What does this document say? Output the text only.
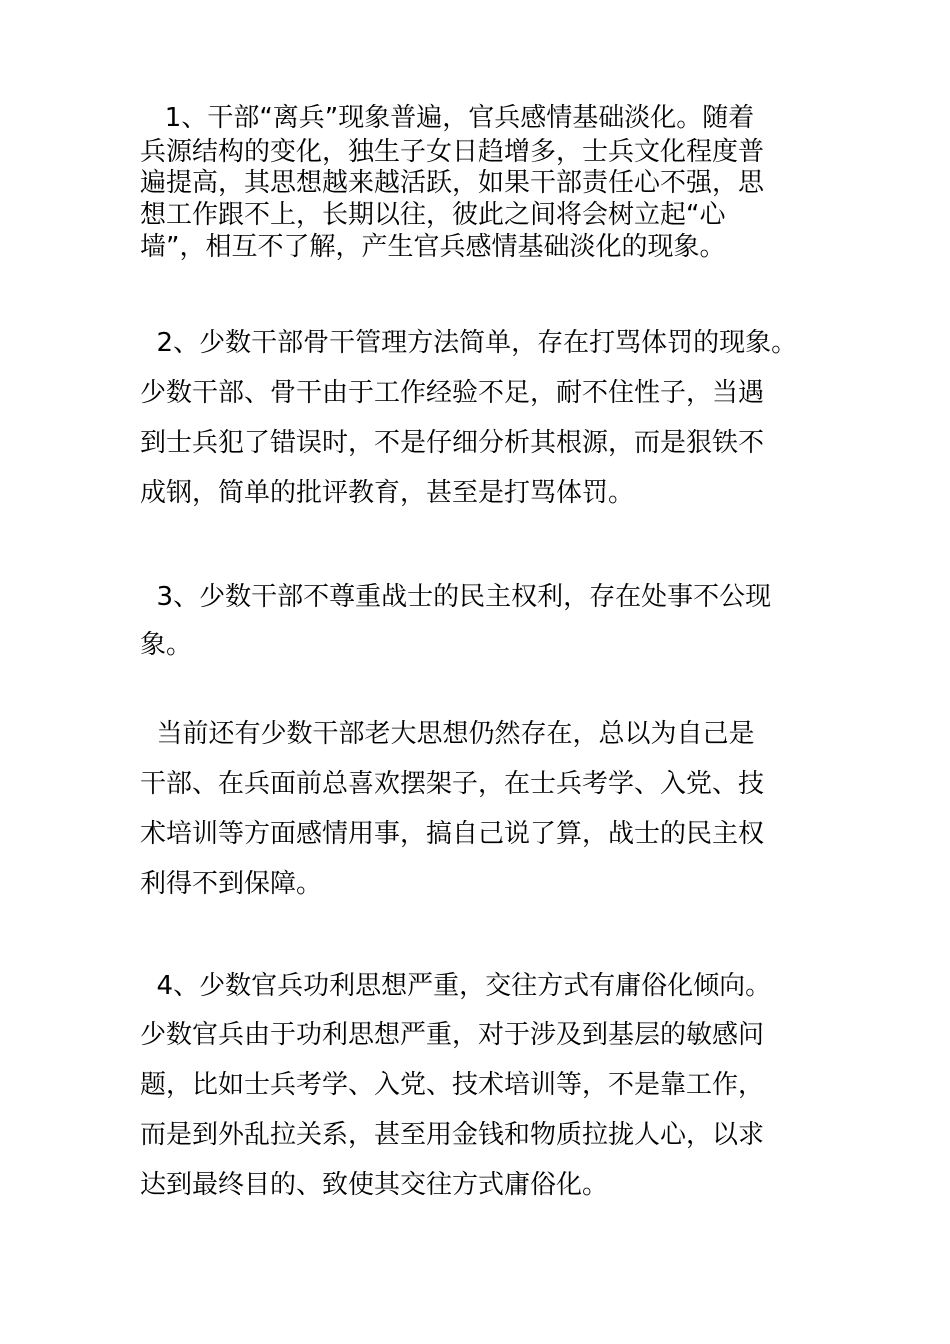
1、干部“离兵”现象普遍，官兵感情基础淡化。随着
兵源结构的变化，独生子女日趋增多，士兵文化程度普
遍提高，其思想越来越活跃，如果干部责任心不强，思
想工作跟不上，长期以往，彼此之间将会树立起“心
墙”，相互不了解，产生官兵感情基础淡化的现象。
2、少数干部骨干管理方法简单，存在打骂体罚的现象。
少数干部、骨干由于工作经验不足，耐不住性子，当遇
到士兵犯了错误时，不是仔细分析其根源，而是狠铁不
成钢，简单的批评教育，甚至是打骂体罚。
3、少数干部不尊重战士的民主权利，存在处事不公现
象。
当前还有少数干部老大思想仍然存在，总以为自己是
干部、在兵面前总喜欢摆架子，在士兵考学、入党、技
术培训等方面感情用事，搞自己说了算，战士的民主权
利得不到保障。
4、少数官兵功利思想严重，交往方式有庸俗化倾向。
少数官兵由于功利思想严重，对于涉及到基层的敏感问
题，比如士兵考学、入党、技术培训等，不是靠工作，
而是到外乱拉关系，甚至用金钱和物质拉拢人心，以求
达到最终目的、致使其交往方式庸俗化。
